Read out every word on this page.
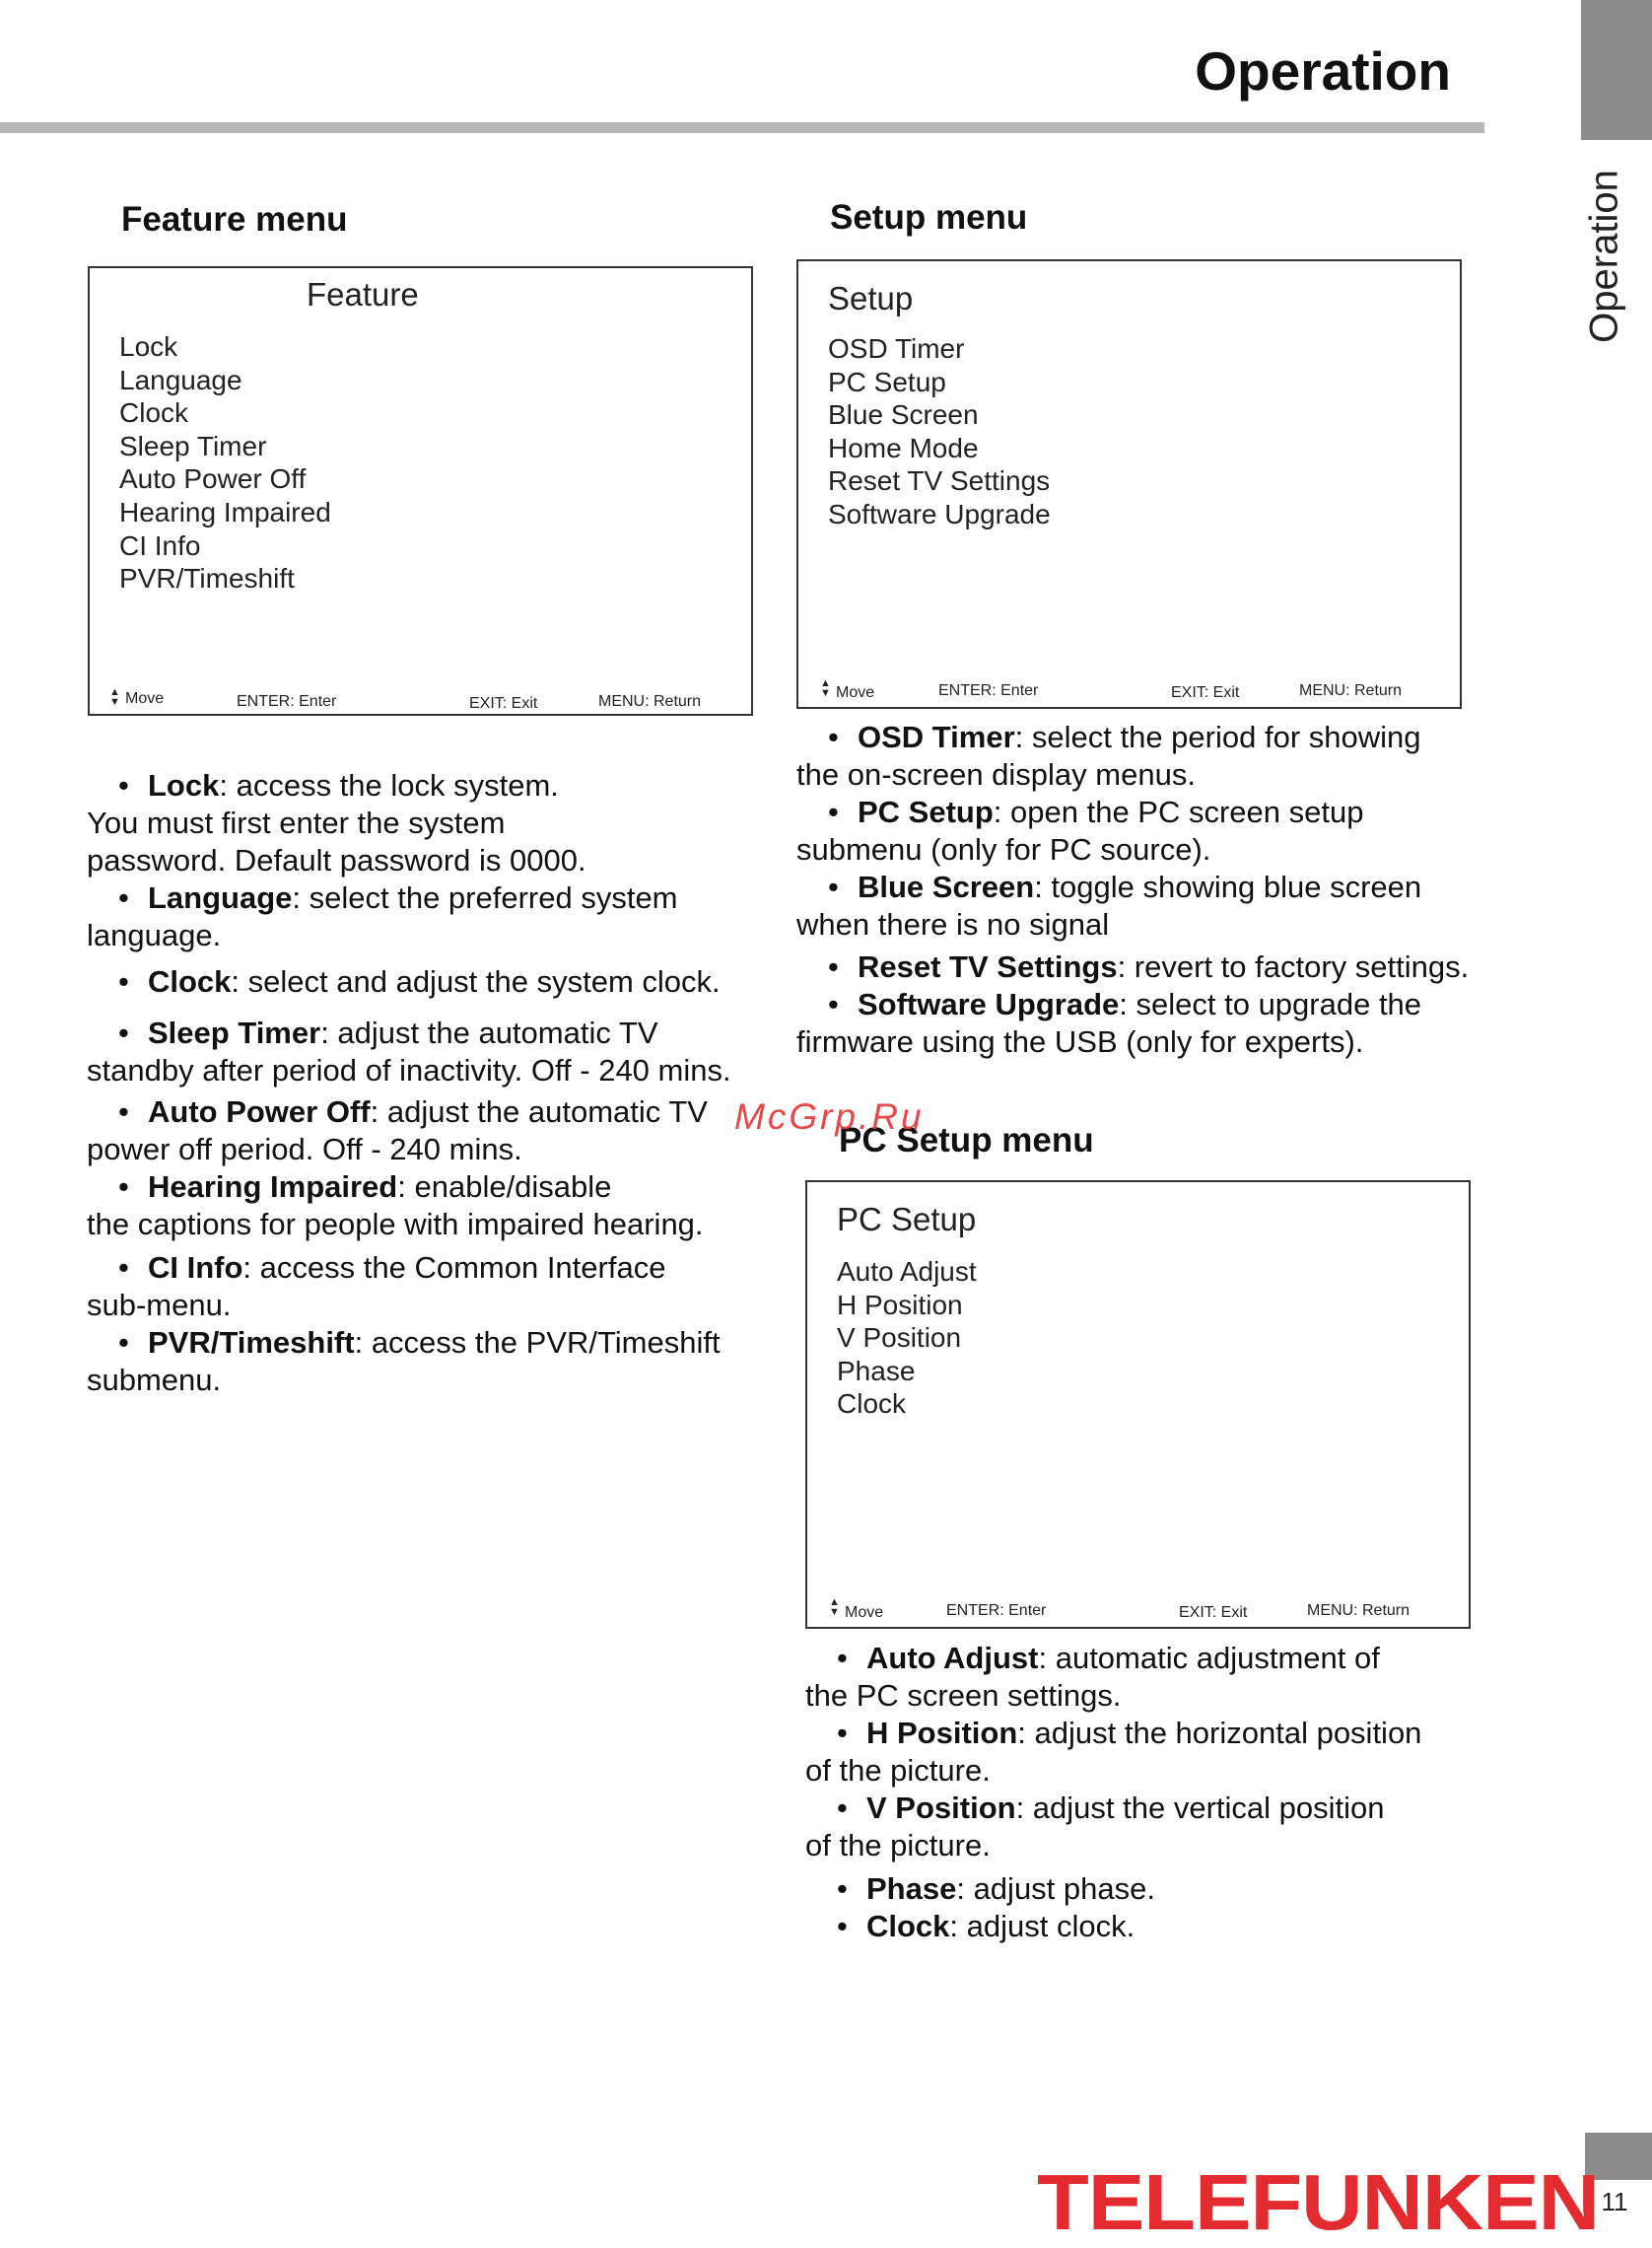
Operation
Operation
11
TELEFUNKEN
Feature menu
Feature
Lock
Language
Clock
Sleep Timer
Auto Power Off
Hearing Impaired
CI Info
PVR/Timeshift
▲
▼ Move	ENTER: Enter	EXIT: Exit	MENU: Return

• Lock: access the lock system.

You must first enter the system

password. Default password is 0000.

• Language: select the preferred system

language.

• Clock: select and adjust the system clock.

• Sleep Timer: adjust the automatic TV

standby after period of inactivity. Off - 240 mins.

• Auto Power Off: adjust the automatic TV

power off period. Off - 240 mins.

• Hearing Impaired: enable/disable

the captions for people with impaired hearing.

• CI Info: access the Common Interface

sub-menu.

• PVR/Timeshift: access the PVR/Timeshift

submenu.

Setup menu
Setup
OSD Timer
PC Setup
Blue Screen
Home Mode
Reset TV Settings
Software Upgrade
▲
▼ Move	ENTER: Enter	EXIT: Exit	MENU: Return

• OSD Timer: select the period for showing

the on-screen display menus.

• PC Setup: open the PC screen setup

submenu (only for PC source).

• Blue Screen: toggle showing blue screen

when there is no signal

• Reset TV Settings: revert to factory settings.

• Software Upgrade: select to upgrade the

firmware using the USB (only for experts).

PC Setup menu
PC Setup
Auto Adjust
H Position
V Position
Phase
Clock
▲
▼ Move	ENTER: Enter	EXIT: Exit	MENU: Return

• Auto Adjust: automatic adjustment of

the PC screen settings.

• H Position: adjust the horizontal position

of the picture.

• V Position: adjust the vertical position

of the picture.

• Phase: adjust phase.

• Clock: adjust clock.

McGrp.Ru
